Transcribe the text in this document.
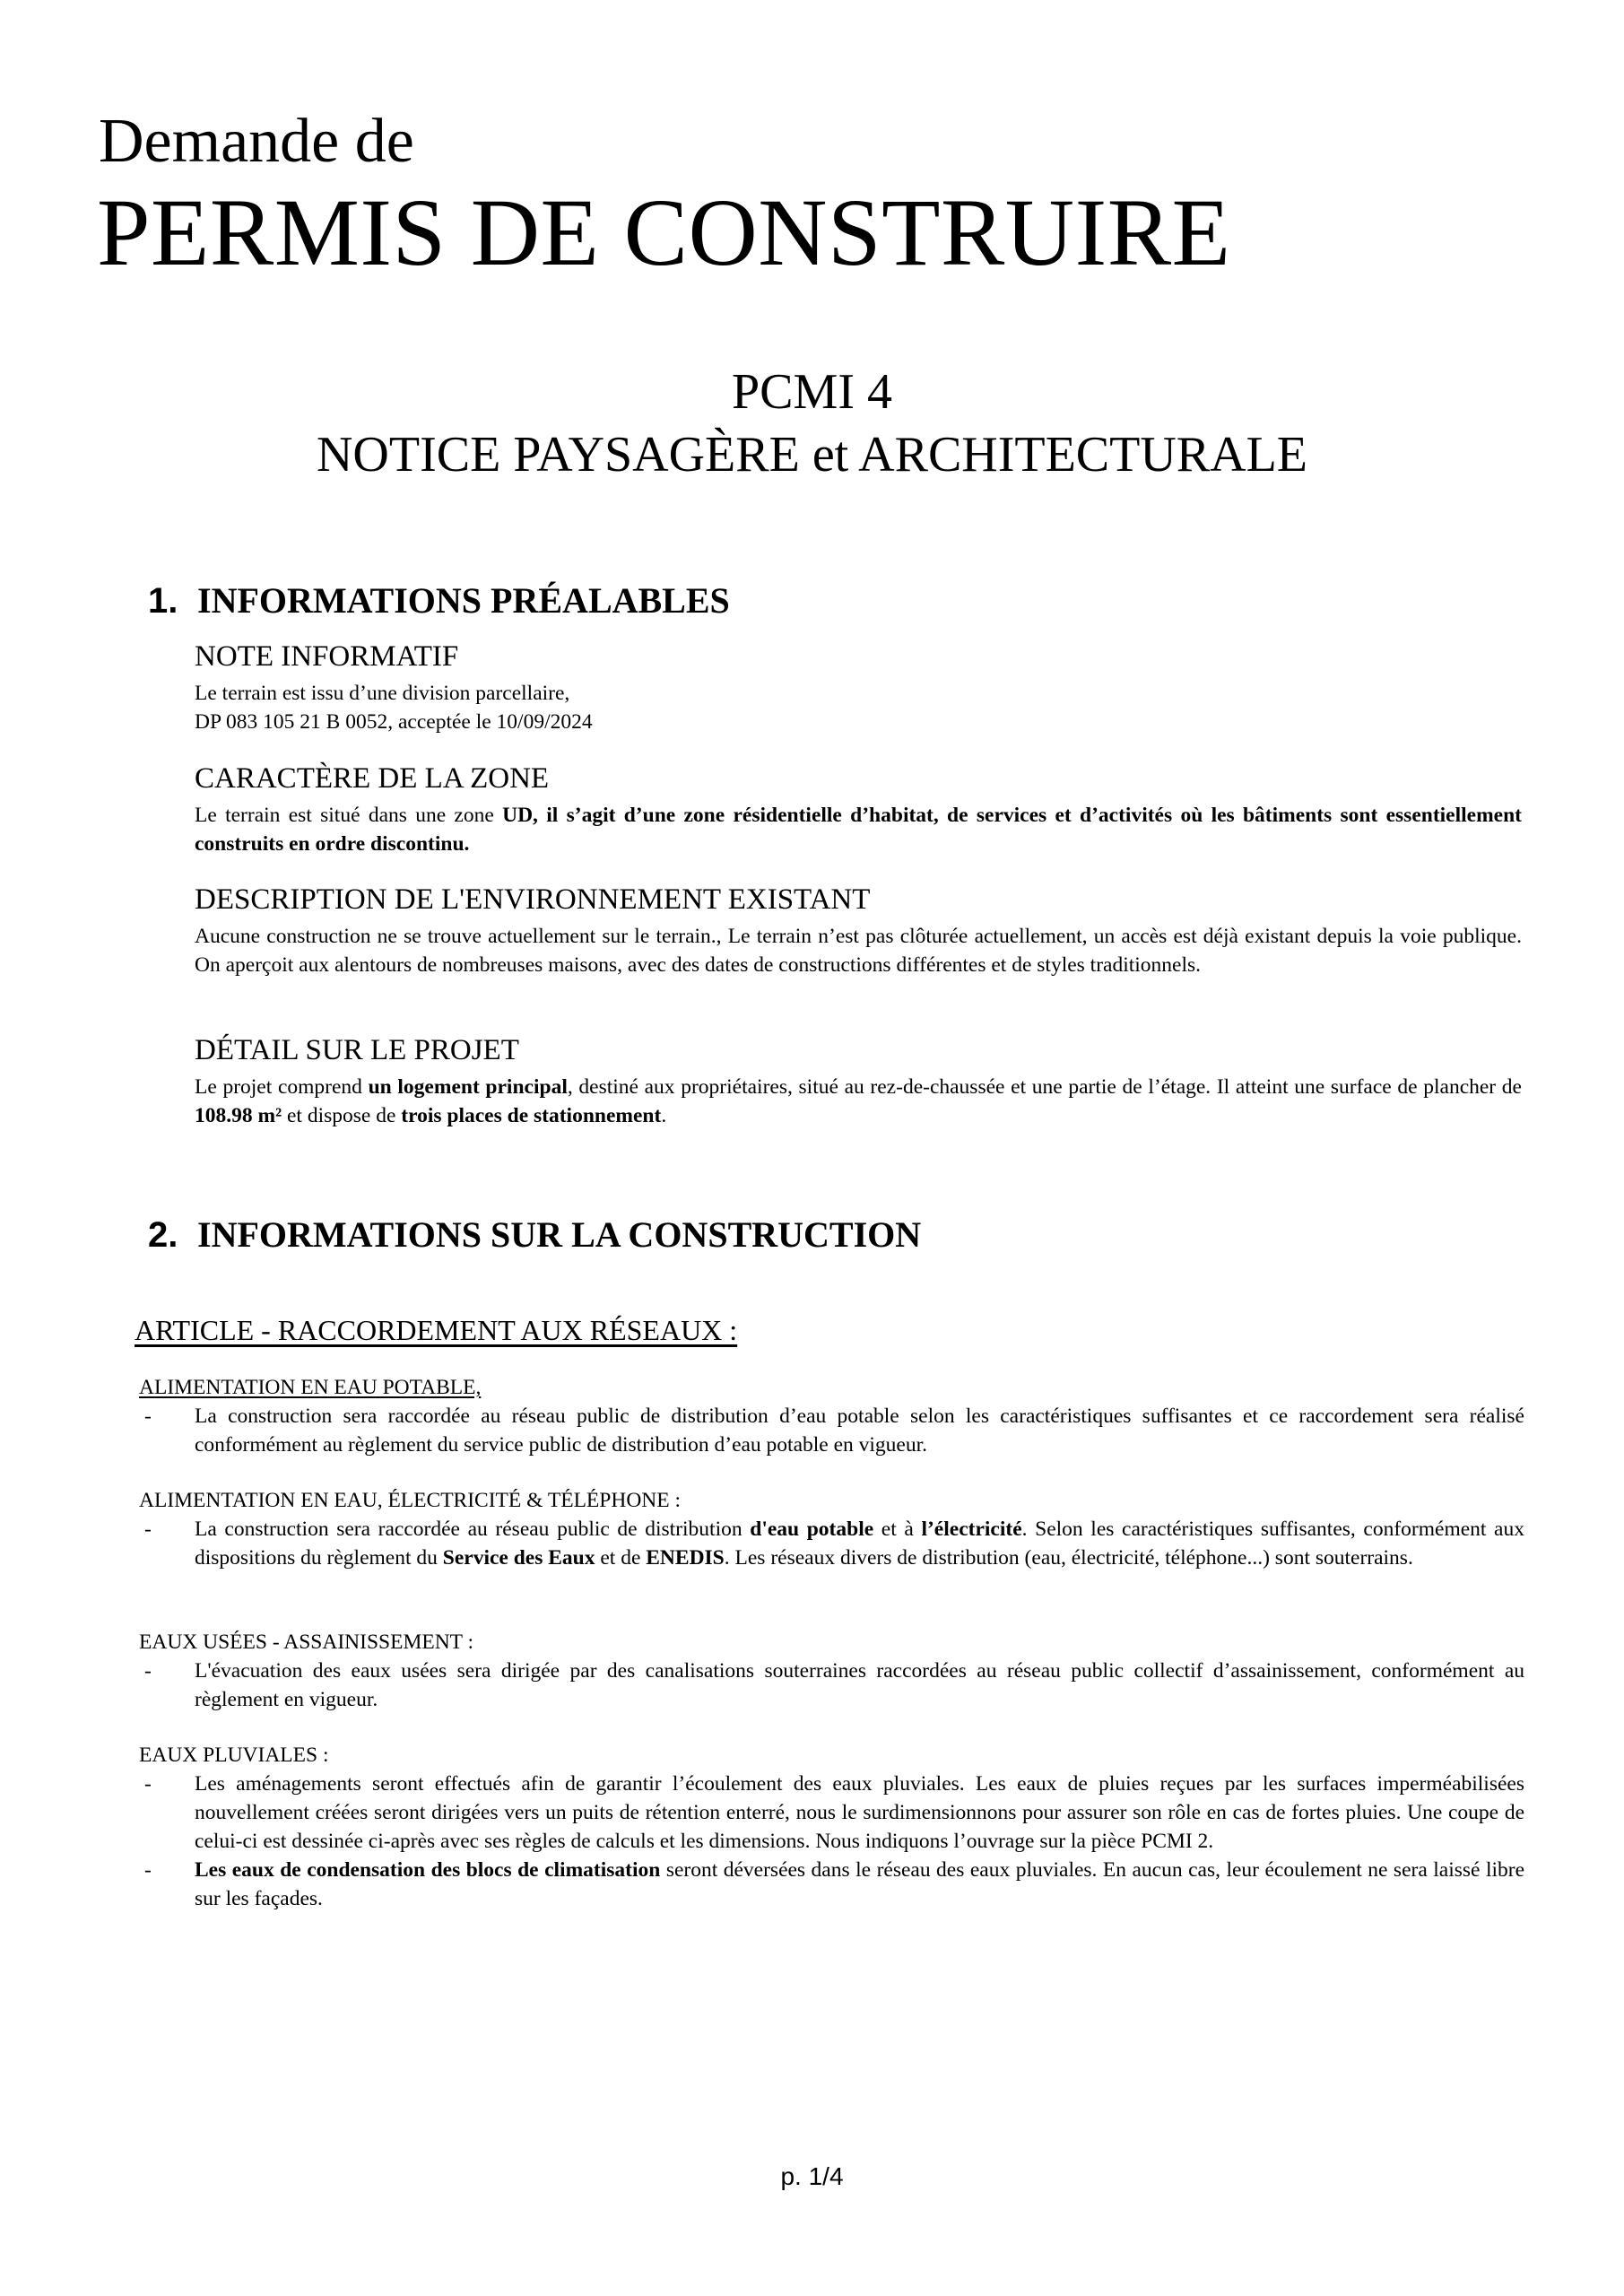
Demande de
PERMIS DE CONSTRUIRE
PCMI 4
NOTICE PAYSAGÈRE et ARCHITECTURALE
1. INFORMATIONS PRÉALABLES
NOTE INFORMATIF

Le terrain est issu d’une division parcellaire,

DP 083 105 21 B 0052, acceptée le 10/09/2024

CARACTÈRE DE LA ZONE

Le terrain est situé dans une zone UD, il s’agit d’une zone résidentielle d’habitat, de services et d’activités où les bâtiments sont essentiellement construits en ordre discontinu.

DESCRIPTION DE L'ENVIRONNEMENT EXISTANT

Aucune construction ne se trouve actuellement sur le terrain., Le terrain n’est pas clôturée actuellement, un accès est déjà existant depuis la voie publique. On aperçoit aux alentours de nombreuses maisons, avec des dates de constructions différentes et de styles traditionnels.

DÉTAIL SUR LE PROJET

Le projet comprend un logement principal, destiné aux propriétaires, situé au rez-de-chaussée et une partie de l’étage. Il atteint une surface de plancher de 108.98 m² et dispose de trois places de stationnement.

2. INFORMATIONS SUR LA CONSTRUCTION
ARTICLE - RACCORDEMENT AUX RÉSEAUX :
ALIMENTATION EN EAU POTABLE,
- La construction sera raccordée au réseau public de distribution d’eau potable selon les caractéristiques suffisantes et ce raccordement sera réalisé conformément au règlement du service public de distribution d’eau potable en vigueur.
ALIMENTATION EN EAU, ÉLECTRICITÉ & TÉLÉPHONE :
- La construction sera raccordée au réseau public de distribution d'eau potable et à l’électricité. Selon les caractéristiques suffisantes, conformément aux dispositions du règlement du Service des Eaux et de ENEDIS. Les réseaux divers de distribution (eau, électricité, téléphone...) sont souterrains.
EAUX USÉES - ASSAINISSEMENT :
- L'évacuation des eaux usées sera dirigée par des canalisations souterraines raccordées au réseau public collectif d’assainissement, conformément au règlement en vigueur.
EAUX PLUVIALES :
- Les aménagements seront effectués afin de garantir l’écoulement des eaux pluviales. Les eaux de pluies reçues par les surfaces imperméabilisées nouvellement créées seront dirigées vers un puits de rétention enterré, nous le surdimensionnons pour assurer son rôle en cas de fortes pluies. Une coupe de celui-ci est dessinée ci-après avec ses règles de calculs et les dimensions. Nous indiquons l’ouvrage sur la pièce PCMI 2.
- Les eaux de condensation des blocs de climatisation seront déversées dans le réseau des eaux pluviales. En aucun cas, leur écoulement ne sera laissé libre sur les façades.
p. 1/4
